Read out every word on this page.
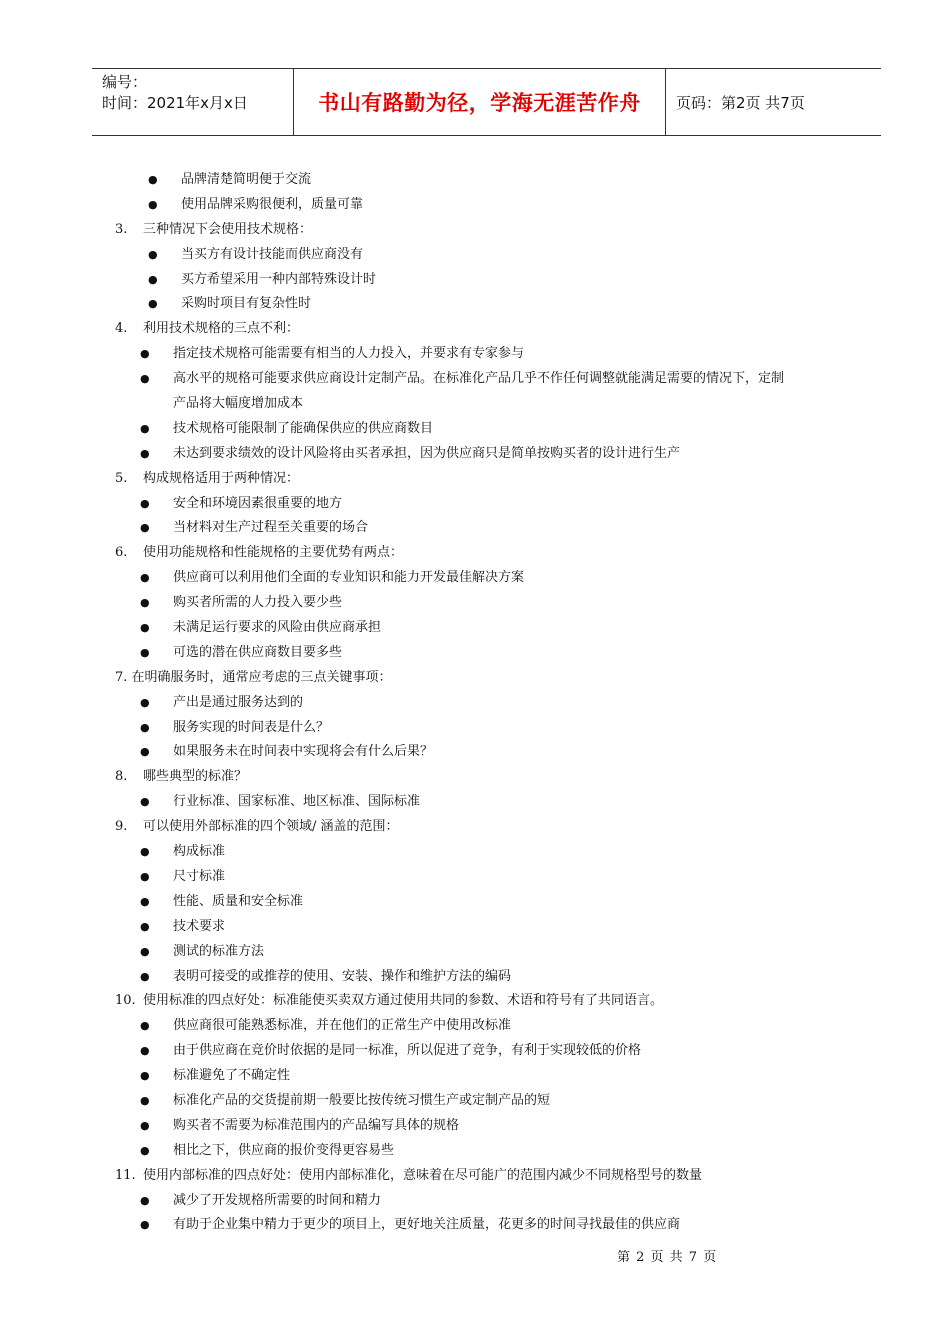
编号：
时间：2021年x月x日	书山有路勤为径，学海无涯苦作舟	页码：第2页 共7页
● 品牌清楚简明便于交流
● 使用品牌采购很便利，质量可靠
3. 三种情况下会使用技术规格：
● 当买方有设计技能而供应商没有
● 买方希望采用一种内部特殊设计时
● 采购时项目有复杂性时
4. 利用技术规格的三点不利：
● 指定技术规格可能需要有相当的人力投入，并要求有专家参与
● 高水平的规格可能要求供应商设计定制产品。在标准化产品几乎不作任何调整就能满足需要的情况下，定制
产品将大幅度增加成本
● 技术规格可能限制了能确保供应的供应商数目
● 未达到要求绩效的设计风险将由买者承担，因为供应商只是简单按购买者的设计进行生产
5. 构成规格适用于两种情况：
● 安全和环境因素很重要的地方
● 当材料对生产过程至关重要的场合
6. 使用功能规格和性能规格的主要优势有两点：
● 供应商可以利用他们全面的专业知识和能力开发最佳解决方案
● 购买者所需的人力投入要少些
● 未满足运行要求的风险由供应商承担
● 可选的潜在供应商数目要多些
7. 在明确服务时，通常应考虑的三点关键事项：
● 产出是通过服务达到的
● 服务实现的时间表是什么？
● 如果服务未在时间表中实现将会有什么后果？
8. 哪些典型的标准？
● 行业标准、国家标准、地区标准、国际标准
9. 可以使用外部标准的四个领域/ 涵盖的范围：
● 构成标准
● 尺寸标准
● 性能、质量和安全标准
● 技术要求
● 测试的标准方法
● 表明可接受的或推荐的使用、安装、操作和维护方法的编码
10. 使用标准的四点好处：标准能使买卖双方通过使用共同的参数、术语和符号有了共同语言。
● 供应商很可能熟悉标准，并在他们的正常生产中使用改标准
● 由于供应商在竞价时依据的是同一标准，所以促进了竞争，有利于实现较低的价格
● 标准避免了不确定性
● 标准化产品的交货提前期一般要比按传统习惯生产或定制产品的短
● 购买者不需要为标准范围内的产品编写具体的规格
● 相比之下，供应商的报价变得更容易些
11. 使用内部标准的四点好处：使用内部标准化，意味着在尽可能广的范围内减少不同规格型号的数量
● 减少了开发规格所需要的时间和精力
● 有助于企业集中精力于更少的项目上，更好地关注质量，花更多的时间寻找最佳的供应商
第 2 页 共 7 页
